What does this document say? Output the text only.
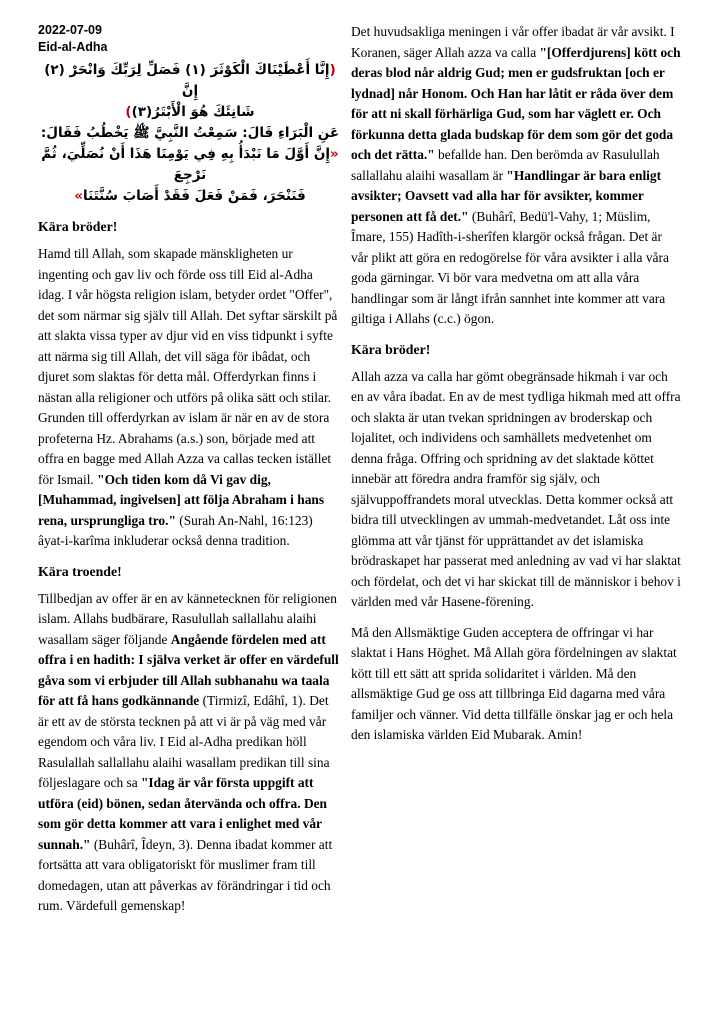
2022-07-09
Eid-al-Adha
(إِنَّا أَعْطَيْنَاكَ الْكَوْثَرَ (١) فَصَلِّ لِرَبِّكَ وَانْحَرْ (٢) إِنَّ
شَانِئَكَ هُوَ الْأَبْتَرُ(٣))
عَنِ الْبَرَاءِ قَالَ: سَمِعْتُ النَّبِيَّ ﷺ يَخْطُبُ فَقَالَ:
«إِنَّ أَوَّلَ مَا نَبْدَأُ بِهِ فِي يَوْمِنَا هَذَا أَنْ نُصَلِّيَ، ثُمَّ نَرْجِعَ
فَنَنْحَرَ، فَمَنْ فَعَلَ فَقَدْ أَصَابَ سُنَّتَنَا»
Kära bröder!

Hamd till Allah, som skapade mänskligheten ur ingenting och gav liv och förde oss till Eid al-Adha idag. I vår högsta religion islam, betyder ordet "Offer", det som närmar sig själv till Allah. Det syftar särskilt på att slakta vissa typer av djur vid en viss tidpunkt i syfte att närma sig till Allah, det vill säga för ibâdat, och djuret som slaktas för detta mål. Offerdyrkan finns i nästan alla religioner och utförs på olika sätt och stilar. Grunden till offerdyrkan av islam är när en av de stora profeterna Hz. Abrahams (a.s.) son, började med att offra en bagge med Allah Azza va callas tecken istället för Ismail. "Och tiden kom då Vi gav dig, [Muhammad, ingivelsen] att följa Abraham i hans rena, ursprungliga tro." (Surah An-Nahl, 16:123) âyat-i-karîma inkluderar också denna tradition.

Kära troende!

Tillbedjan av offer är en av kännetecknen för religionen islam. Allahs budbärare, Rasulullah sallallahu alaihi wasallam säger följande Angående fördelen med att offra i en hadith: I själva verket är offer en värdefull gåva som vi erbjuder till Allah subhanahu wa taala för att få hans godkännande (Tirmizî, Edâhî, 1). Det är ett av de största tecknen på att vi är på väg med vår egendom och våra liv. I Eid al-Adha predikan höll Rasulallah sallallahu alaihi wasallam predikan till sina följeslagare och sa "Idag är vår första uppgift att utföra (eid) bönen, sedan återvända och offra. Den som gör detta kommer att vara i enlighet med vår sunnah." (Buhârî, Îdeyn, 3). Denna ibadat kommer att fortsätta att vara obligatoriskt för muslimer fram till domedagen, utan att påverkas av förändringar i tid och rum. Värdefull gemenskap!

Det huvudsakliga meningen i vår offer ibadat är vår avsikt. I Koranen, säger Allah azza va calla "[Offerdjurens] kött och deras blod når aldrig Gud; men er gudsfruktan [och er lydnad] når Honom. Och Han har låtit er råda över dem för att ni skall förhärliga Gud, som har väglett er. Och förkunna detta glada budskap för dem som gör det goda och det rätta." befallde han. Den berömda av Rasulullah sallallahu alaihi wasallam är "Handlingar är bara enligt avsikter; Oavsett vad alla har för avsikter, kommer personen att få det." (Buhârî, Bedü'l-Vahy, 1; Müslim, Îmare, 155) Hadîth-i-sherîfen klargör också frågan. Det är vår plikt att göra en redogörelse för våra avsikter i alla våra goda gärningar. Vi bör vara medvetna om att alla våra handlingar som är långt ifrån sannhet inte kommer att vara giltiga i Allahs (c.c.) ögon.

Kära bröder!

Allah azza va calla har gömt obegränsade hikmah i var och en av våra ibadat. En av de mest tydliga hikmah med att offra och slakta är utan tvekan spridningen av broderskap och lojalitet, och individens och samhällets medvetenhet om denna fråga. Offring och spridning av det slaktade köttet innebär att föredra andra framför sig själv, och självuppoffrandets moral utvecklas. Detta kommer också att bidra till utvecklingen av ummah-medvetandet. Låt oss inte glömma att vår tjänst för upprättandet av det islamiska brödraskapet har passerat med anledning av vad vi har slaktat och fördelat, och det vi har skickat till de människor i behov i världen med vår Hasene-förening.

Må den Allsmäktige Guden acceptera de offringar vi har slaktat i Hans Höghet. Må Allah göra fördelningen av slaktat kött till ett sätt att sprida solidaritet i världen. Må den allsmäktige Gud ge oss att tillbringa Eid dagarna med våra familjer och vänner. Vid detta tillfälle önskar jag er och hela den islamiska världen Eid Mubarak. Amin!
